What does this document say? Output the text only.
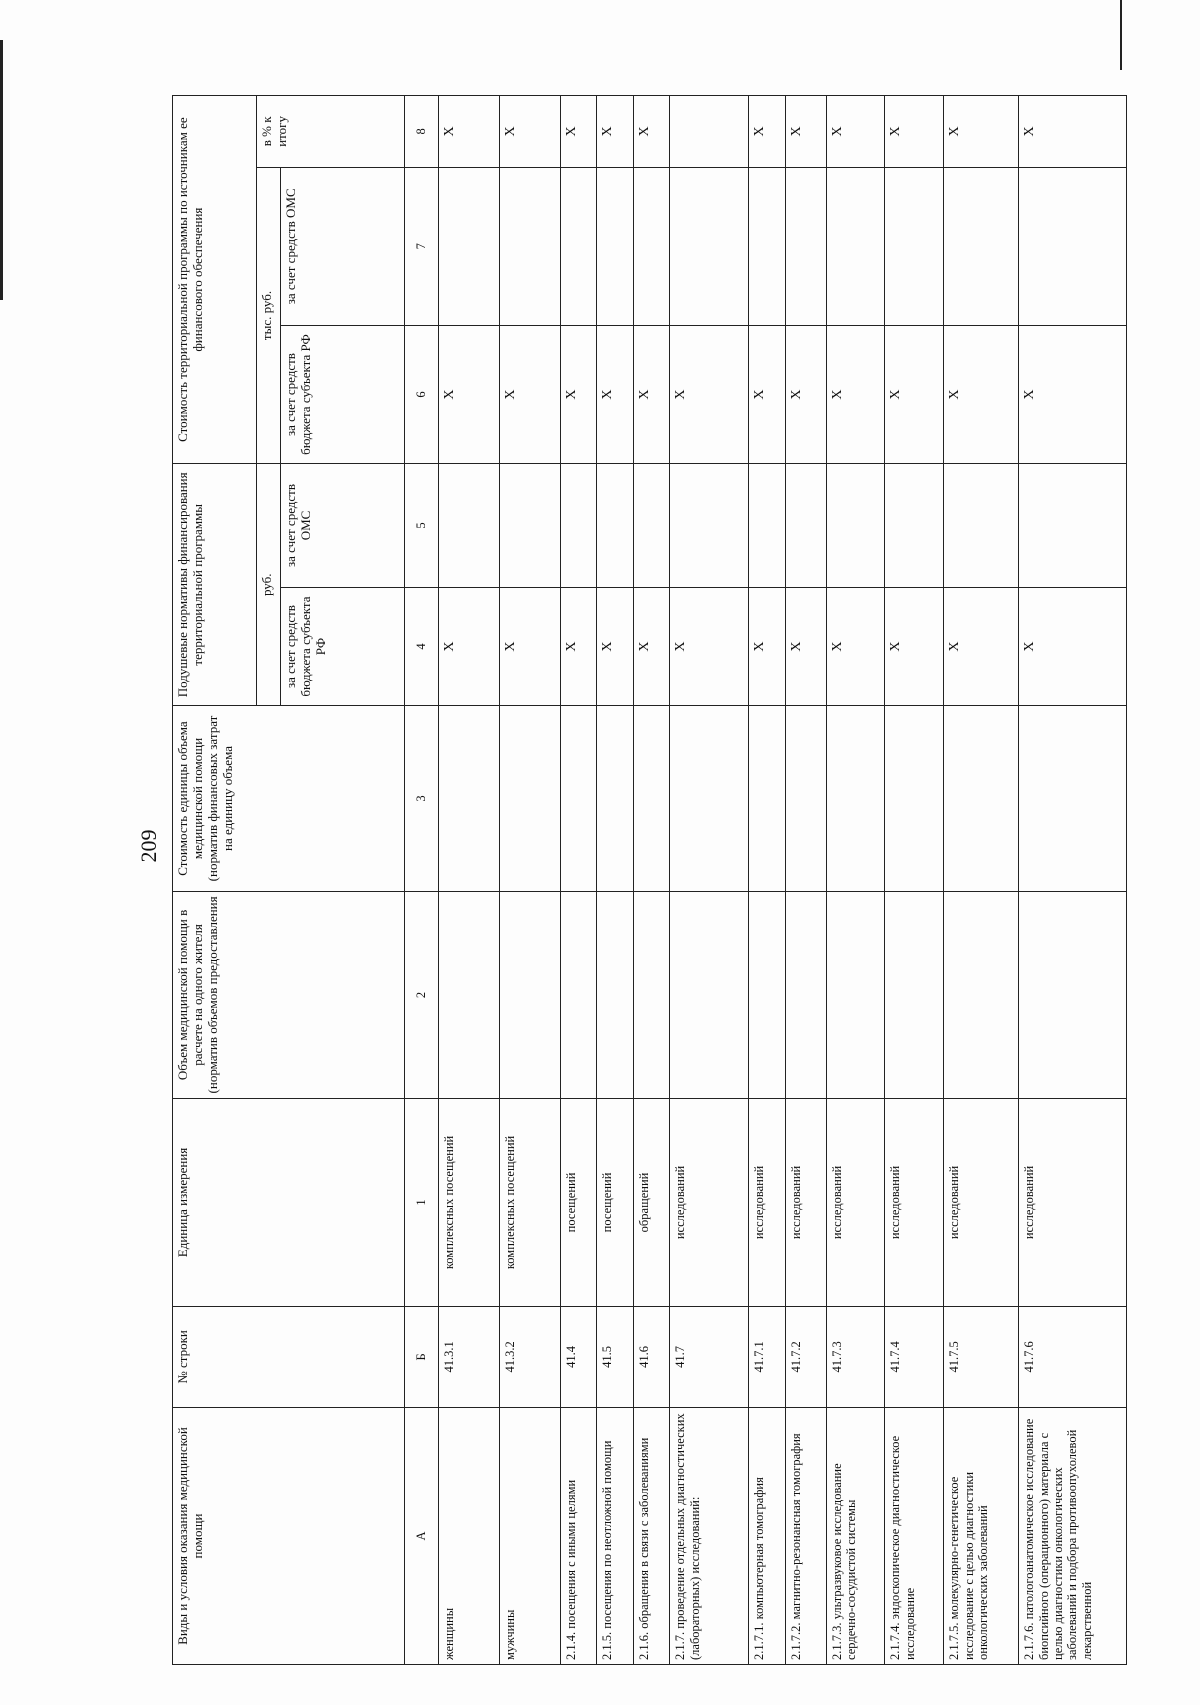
209
Виды и условия оказания медицинской помощи	№ строки	Единица измерения	Объем медицинской помощи в расчете на одного жителя (норматив объемов предоставления	Стоимость единицы объема медицинской помощи (норматив финансовых затрат на единицу объема	Подушевые нормативы финансирования территориальной программы		Стоимость территориальной программы по источникам ее финансового обеспечения		
					руб.		тыс. руб.		в % к итогу
					за счет средств бюджета субъекта РФ	за счет средств ОМС	за счет средств бюджета субъекта РФ	за счет средств ОМС	
А	Б	1	2	3	4	5	6	7	8
женщины	41.3.1	комплексных посещений			X		X		X
мужчины	41.3.2	комплексных посещений			X		X		X
2.1.4. посещения с иными целями	41.4	посещений			X		X		X
2.1.5. посещения по неотложной помощи	41.5	посещений			X		X		X
2.1.6. обращения в связи с заболеваниями	41.6	обращений			X		X		X
2.1.7. проведение отдельных диагностических (лабораторных) исследований:	41.7	исследований			X		X		
2.1.7.1. компьютерная томография	41.7.1	исследований			X		X		X
2.1.7.2. магнитно-резонансная томография	41.7.2	исследований			X		X		X
2.1.7.3. ультразвуковое исследование сердечно-сосудистой системы	41.7.3	исследований			X		X		X
2.1.7.4. эндоскопическое диагностическое исследование	41.7.4	исследований			X		X		X
2.1.7.5. молекулярно-генетическое исследование с целью диагностики онкологических заболеваний	41.7.5	исследований			X		X		X
2.1.7.6. патологоанатомическое исследование биопсийного (операционного) материала с целью диагностики онкологических заболеваний и подбора противоопухолевой лекарственной	41.7.6	исследований			X		X		X
